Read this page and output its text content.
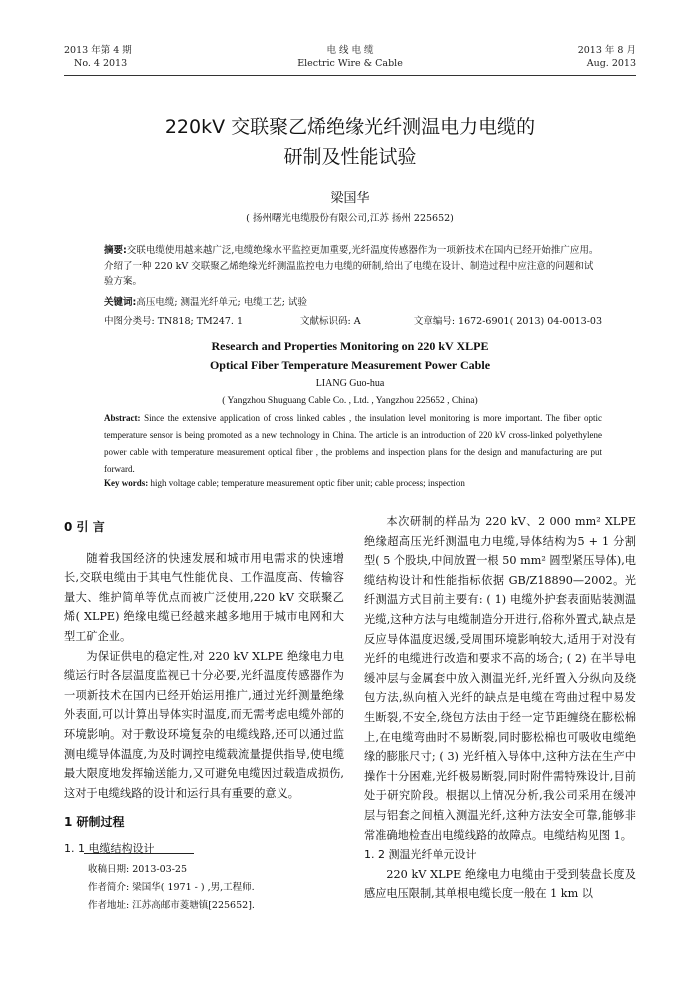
2013 年第 4 期
No. 4 2013
电 线 电 缆
Electric Wire & Cable
2013 年 8 月
Aug. 2013
220kV 交联聚乙烯绝缘光纤测温电力电缆的
研制及性能试验
梁国华
( 扬州曙光电缆股份有限公司,江苏 扬州 225652)
摘要:交联电缆使用越来越广泛,电缆绝缘水平监控更加重要,光纤温度传感器作为一项新技术在国内已经开始推广应用。介绍了一种 220 kV 交联聚乙烯绝缘光纤测温监控电力电缆的研制,给出了电缆在设计、制造过程中应注意的问题和试验方案。
关键词:高压电缆; 测温光纤单元; 电缆工艺; 试验
中图分类号: TN818; TM247. 1	文献标识码: A	文章编号: 1672-6901( 2013) 04-0013-03
Research and Properties Monitoring on 220 kV XLPE
Optical Fiber Temperature Measurement Power Cable
LIANG Guo-hua
( Yangzhou Shuguang Cable Co. , Ltd. , Yangzhou 225652 , China)
Abstract: Since the extensive application of cross linked cables , the insulation level monitoring is more important. The fiber optic temperature sensor is being promoted as a new technology in China. The article is an introduction of 220 kV cross-linked polyethylene power cable with temperature measurement optical fiber , the problems and inspection plans for the design and manufacturing are put forward.
Key words: high voltage cable; temperature measurement optic fiber unit; cable process; inspection

0 引 言

随着我国经济的快速发展和城市用电需求的快速增长,交联电缆由于其电气性能优良、工作温度高、传输容量大、维护简单等优点而被广泛使用,220 kV 交联聚乙烯( XLPE) 绝缘电缆已经越来越多地用于城市电网和大型工矿企业。

为保证供电的稳定性,对 220 kV XLPE 绝缘电力电缆运行时各层温度监视已十分必要,光纤温度传感器作为一项新技术在国内已经开始运用推广,通过光纤测量绝缘外表面,可以计算出导体实时温度,而无需考虑电缆外部的环境影响。对于敷设环境复杂的电缆线路,还可以通过监测电缆导体温度,为及时调控电缆载流量提供指导,使电缆最大限度地发挥输送能力,又可避免电缆因过载造成损伤,这对于电缆线路的设计和运行具有重要的意义。

1 研制过程

1. 1 电缆结构设计

收稿日期: 2013-03-25
作者简介: 梁国华( 1971 - ) ,男,工程师.
作者地址: 江苏高邮市菱塘镇[225652].

本次研制的样品为 220 kV、2 000 mm² XLPE 绝缘超高压光纤测温电力电缆,导体结构为5 + 1 分割型( 5 个股块,中间放置一根 50 mm² 圆型紧压导体),电缆结构设计和性能指标依据 GB/Z18890—2002。光纤测温方式目前主要有: ( 1) 电缆外护套表面贴装测温光缆,这种方法与电缆制造分开进行,俗称外置式,缺点是反应导体温度迟缓,受周围环境影响较大,适用于对没有光纤的电缆进行改造和要求不高的场合; ( 2) 在半导电缓冲层与金属套中放入测温光纤,光纤置入分纵向及绕包方法,纵向植入光纤的缺点是电缆在弯曲过程中易发生断裂,不安全,绕包方法由于经一定节距缠绕在膨松棉上,在电缆弯曲时不易断裂,同时膨松棉也可吸收电缆绝缘的膨胀尺寸; ( 3) 光纤植入导体中,这种方法在生产中操作十分困难,光纤极易断裂,同时附件需特殊设计,目前处于研究阶段。根据以上情况分析,我公司采用在缓冲层与铝套之间植入测温光纤,这种方法安全可靠,能够非常准确地检查出电缆线路的故障点。电缆结构见图 1。

1. 2 测温光纤单元设计

220 kV XLPE 绝缘电力电缆由于受到装盘长度及感应电压限制,其单根电缆长度一般在 1 km 以
